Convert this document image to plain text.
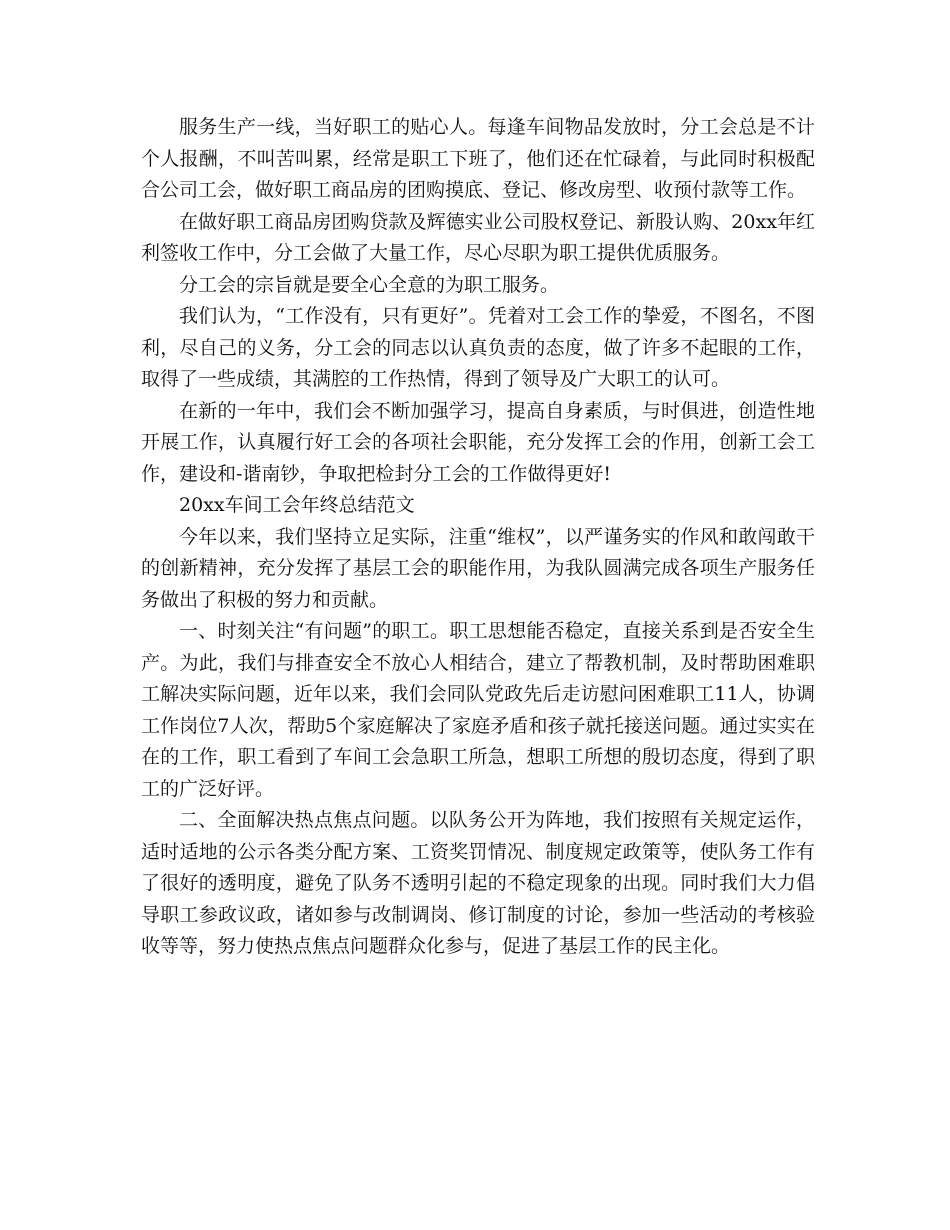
服务生产一线，当好职工的贴心人。每逢车间物品发放时，分工会总是不计个人报酬，不叫苦叫累，经常是职工下班了，他们还在忙碌着，与此同时积极配合公司工会，做好职工商品房的团购摸底、登记、修改房型、收预付款等工作。

在做好职工商品房团购贷款及辉德实业公司股权登记、新股认购、20xx年红利签收工作中，分工会做了大量工作，尽心尽职为职工提供优质服务。

分工会的宗旨就是要全心全意的为职工服务。

我们认为，“工作没有，只有更好”。凭着对工会工作的挚爱，不图名，不图利，尽自己的义务，分工会的同志以认真负责的态度，做了许多不起眼的工作，取得了一些成绩，其满腔的工作热情，得到了领导及广大职工的认可。

在新的一年中，我们会不断加强学习，提高自身素质，与时俱进，创造性地开展工作，认真履行好工会的各项社会职能，充分发挥工会的作用，创新工会工作，建设和-谐南钞，争取把检封分工会的工作做得更好!

20xx车间工会年终总结范文

今年以来，我们坚持立足实际，注重“维权”，以严谨务实的作风和敢闯敢干的创新精神，充分发挥了基层工会的职能作用，为我队圆满完成各项生产服务任务做出了积极的努力和贡献。

一、时刻关注“有问题”的职工。职工思想能否稳定，直接关系到是否安全生产。为此，我们与排查安全不放心人相结合，建立了帮教机制，及时帮助困难职工解决实际问题，近年以来，我们会同队党政先后走访慰问困难职工11人，协调工作岗位7人次，帮助5个家庭解决了家庭矛盾和孩子就托接送问题。通过实实在在的工作，职工看到了车间工会急职工所急，想职工所想的殷切态度，得到了职工的广泛好评。

二、全面解决热点焦点问题。以队务公开为阵地，我们按照有关规定运作，适时适地的公示各类分配方案、工资奖罚情况、制度规定政策等，使队务工作有了很好的透明度，避免了队务不透明引起的不稳定现象的出现。同时我们大力倡导职工参政议政，诸如参与改制调岗、修订制度的讨论，参加一些活动的考核验收等等，努力使热点焦点问题群众化参与，促进了基层工作的民主化。
